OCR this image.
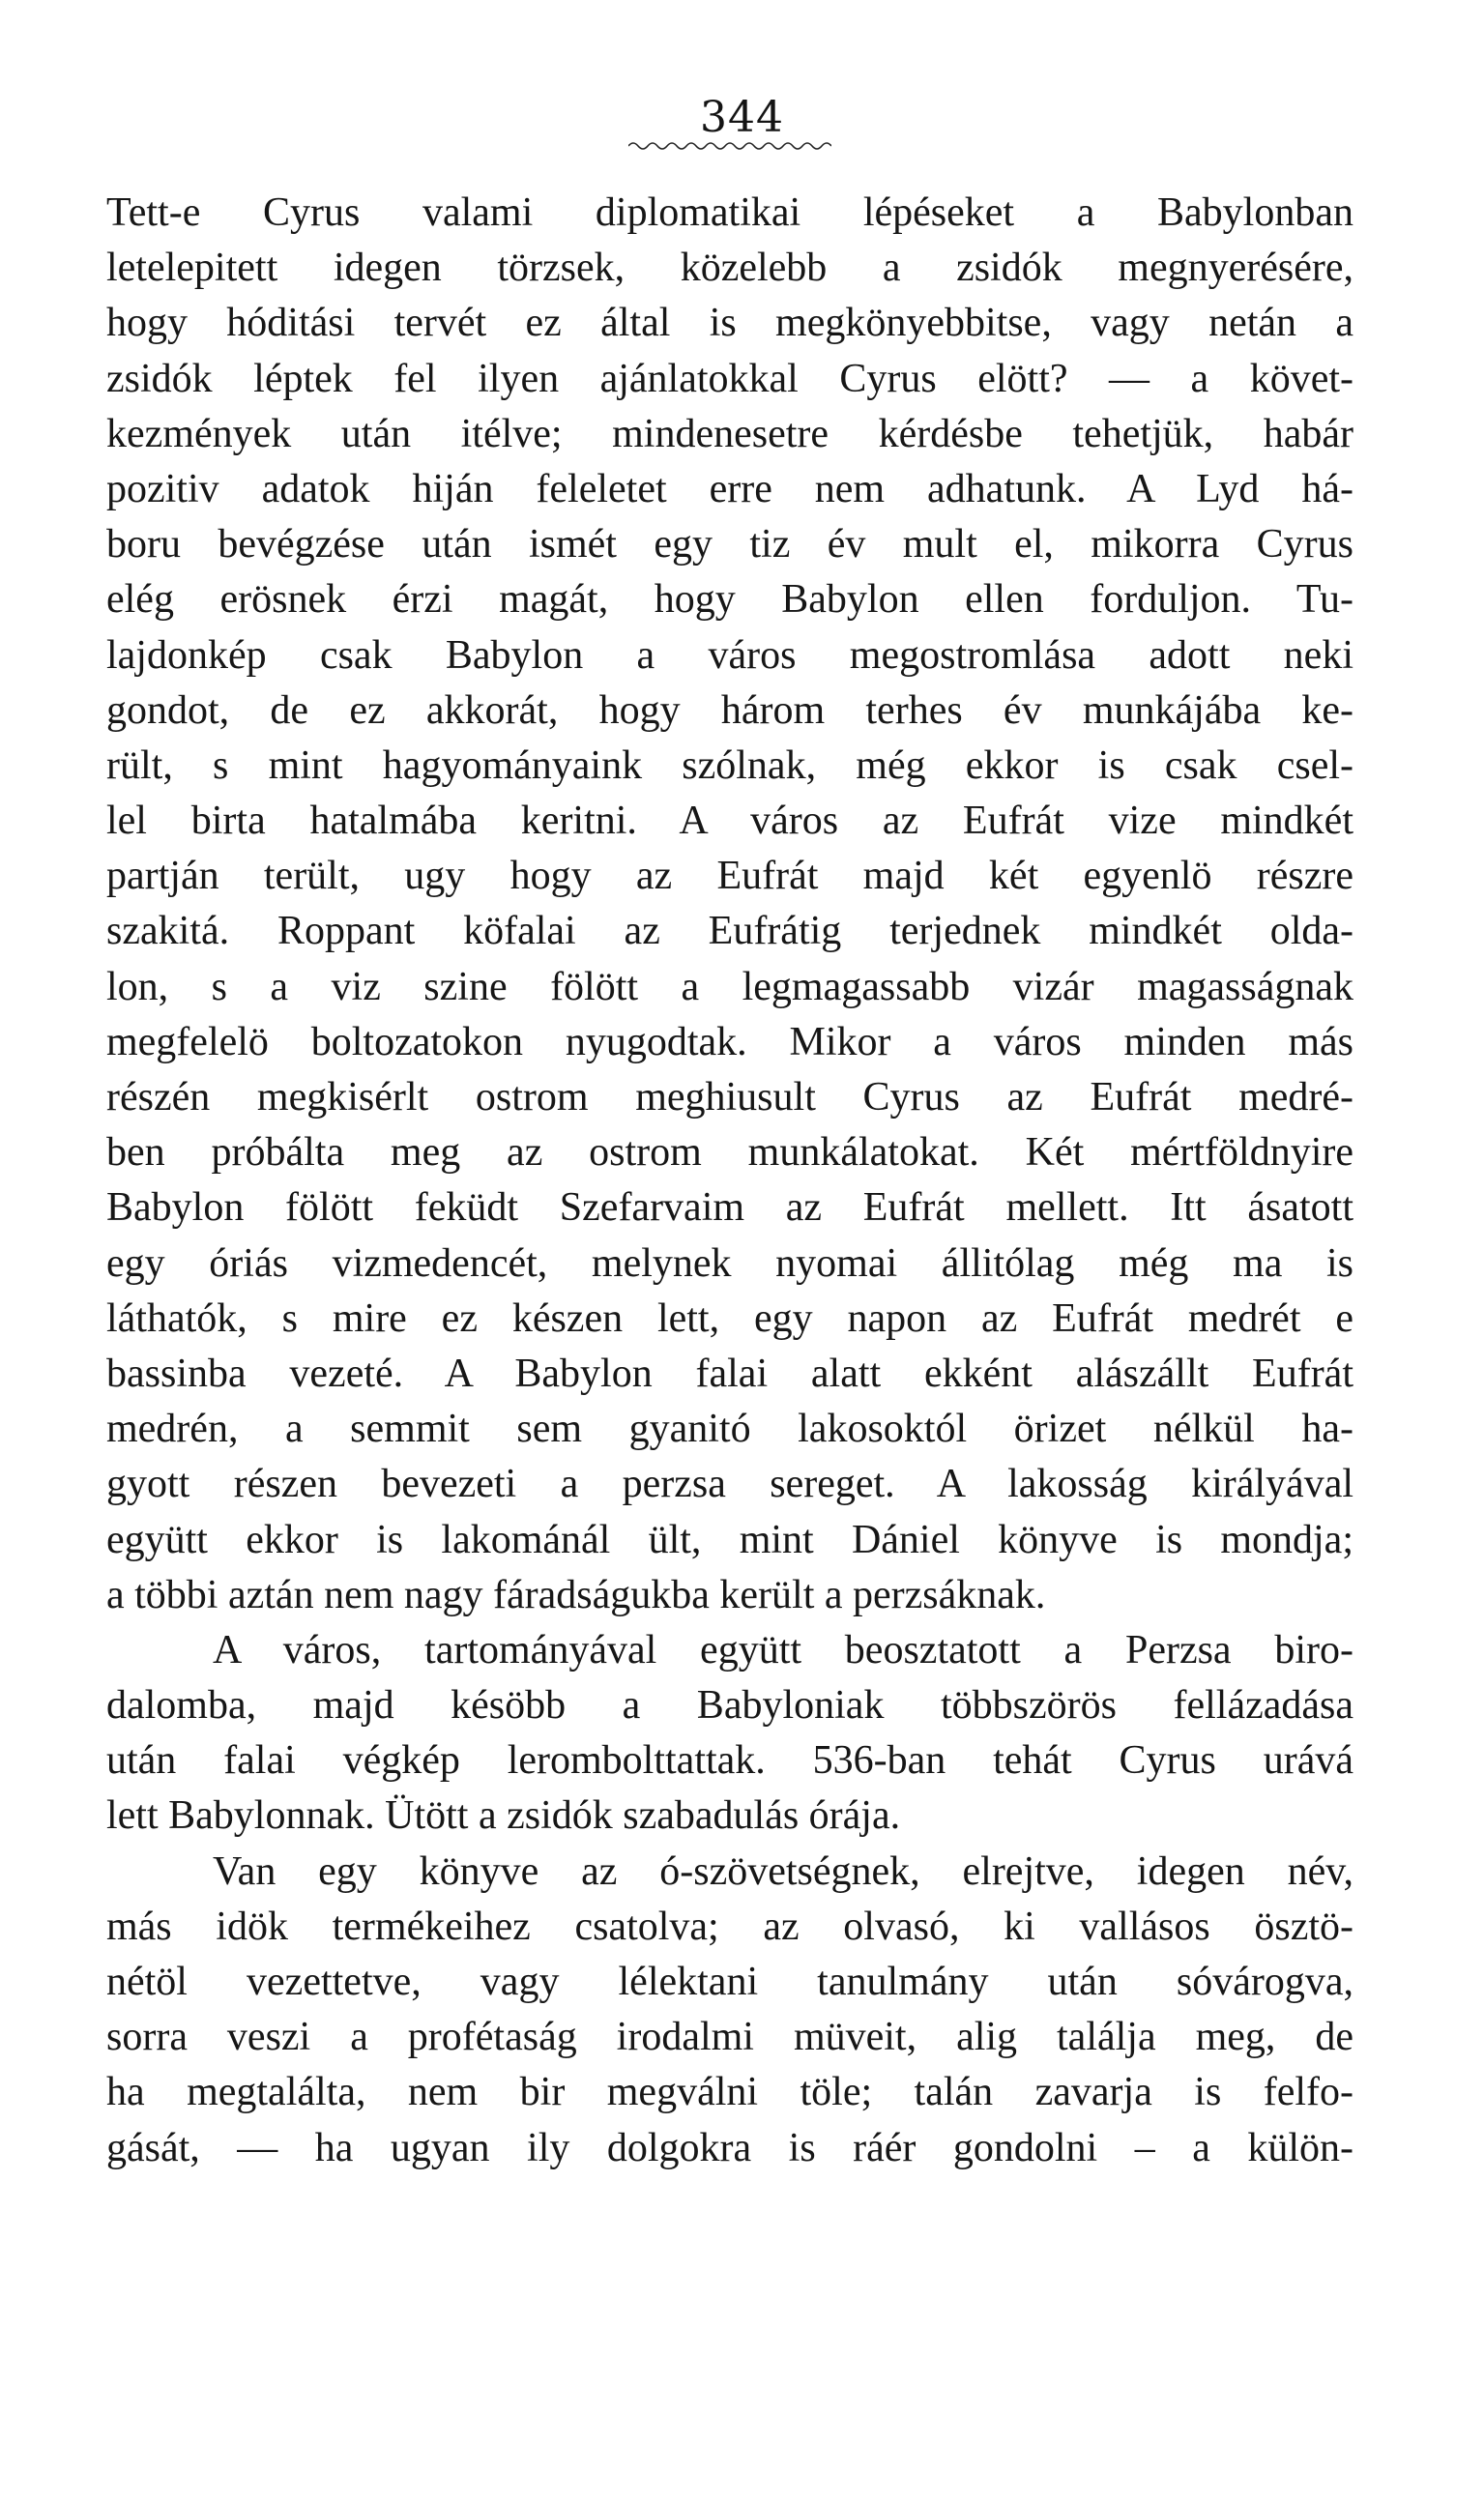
344
Tett-e Cyrus valami diplomatikai lépéseket a Babylonban
letelepitett idegen törzsek, közelebb a zsidók megnyerésére,
hogy hóditási tervét ez által is megkönyebbitse, vagy netán a
zsidók léptek fel ilyen ajánlatokkal Cyrus elött? — a követ-
kezmények után itélve; mindenesetre kérdésbe tehetjük, habár
pozitiv adatok hiján feleletet erre nem adhatunk. A Lyd há-
boru bevégzése után ismét egy tiz év mult el, mikorra Cyrus
elég erösnek érzi magát, hogy Babylon ellen forduljon. Tu-
lajdonkép csak Babylon a város megostromlása adott neki
gondot, de ez akkorát, hogy három terhes év munkájába ke-
rült, s mint hagyományaink szólnak, még ekkor is csak csel-
lel birta hatalmába keritni. A város az Eufrát vize mindkét
partján terült, ugy hogy az Eufrát majd két egyenlö részre
szakitá. Roppant köfalai az Eufrátig terjednek mindkét olda-
lon, s a viz szine fölött a legmagassabb vizár magasságnak
megfelelö boltozatokon nyugodtak. Mikor a város minden más
részén megkisérlt ostrom meghiusult Cyrus az Eufrát medré-
ben próbálta meg az ostrom munkálatokat. Két mértföldnyire
Babylon fölött feküdt Szefarvaim az Eufrát mellett. Itt ásatott
egy óriás vizmedencét, melynek nyomai állitólag még ma is
láthatók, s mire ez készen lett, egy napon az Eufrát medrét e
bassinba vezeté. A Babylon falai alatt ekként alászállt Eufrát
medrén, a semmit sem gyanitó lakosoktól örizet nélkül ha-
gyott részen bevezeti a perzsa sereget. A lakosság királyával
együtt ekkor is lakománál ült, mint Dániel könyve is mondja;
a többi aztán nem nagy fáradságukba került a perzsáknak.
A város, tartományával együtt beosztatott a Perzsa biro-
dalomba, majd késöbb a Babyloniak többszörös fellázadása
után falai végkép lerombolttattak. 536-ban tehát Cyrus urává
lett Babylonnak. Ütött a zsidók szabadulás órája.
Van egy könyve az ó-szövetségnek, elrejtve, idegen név,
más idök termékeihez csatolva; az olvasó, ki vallásos ösztö-
nétöl vezettetve, vagy lélektani tanulmány után sóvárogva,
sorra veszi a profétaság irodalmi müveit, alig találja meg, de
ha megtalálta, nem bir megválni töle; talán zavarja is felfo-
gását, — ha ugyan ily dolgokra is ráér gondolni – a külön-
